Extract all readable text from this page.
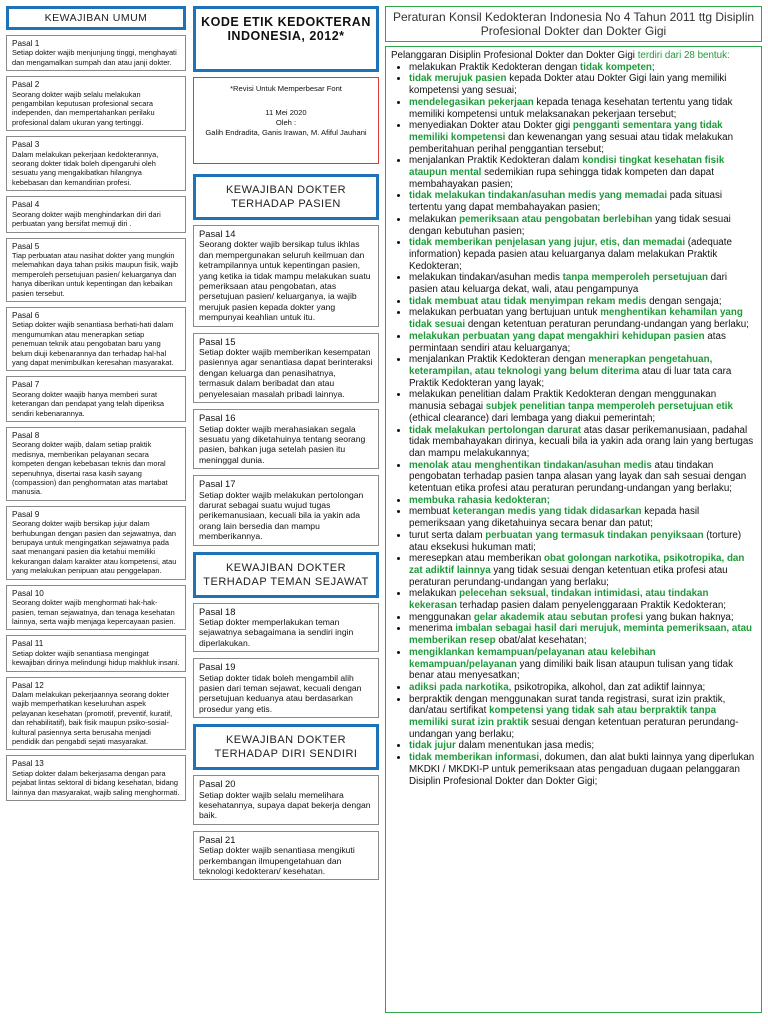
KEWAJIBAN UMUM
Pasal 1
Setiap dokter wajib menjunjung tinggi, menghayati dan mengamalkan sumpah dan atau janji dokter.
Pasal 2
Seorang dokter wajib selalu melakukan pengambilan keputusan profesional secara independen, dan mempertahankan perilaku profesional dalam ukuran yang tertinggi.
Pasal 3
Dalam melakukan pekerjaan kedokterannya, seorang dokter tidak boleh dipengaruhi oleh sesuatu yang mengakibatkan hilangnya kebebasan dan kemandirian profesi.
Pasal 4
Seorang dokter wajib menghindarkan diri dari perbuatan yang bersifat memuji diri .
Pasal 5
Tiap perbuatan atau nasihat dokter yang mungkin melemahkan daya tahan psikis maupun fisik, wajib memperoleh persetujuan pasien/ keluarganya dan hanya diberikan untuk kepentingan dan kebaikan pasien tersebut.
Pasal 6
Setiap dokter wajib senantiasa berhati-hati dalam mengumumkan atau menerapkan setiap penemuan teknik atau pengobatan baru yang belum diuji kebenarannya dan terhadap hal-hal yang dapat menimbulkan keresahan masyarakat.
Pasal 7
Seorang dokter waajib hanya memberi surat keterangan dan pendapat yang telah diperiksa sendiri kebenarannya.
Pasal 8
Seorang dokter wajib, dalam setiap praktik medisnya, memberikan pelayanan secara kompeten dengan kebebasan teknis dan moral sepenuhnya, disertai rasa kasih sayang (compassion) dan penghormatan atas martabat manusia.
Pasal 9
Seorang dokter wajib bersikap jujur dalam berhubungan dengan pasien dan sejawatnya, dan berupaya untuk mengingatkan sejawatnya pada saat menangani pasien dia ketahui memiliki kekurangan dalam karakter atau kompetensi, atau yang melakukan penipuan atau penggelapan.
Pasal 10
Seorang dokter wajib menghormati hak-hak- pasien, teman sejawatnya, dan tenaga kesehatan lainnya, serta wajib menjaga kepercayaan pasien.
Pasal 11
Setiap dokter wajib senantiasa mengingat kewajiban dirinya melindungi hidup makhluk insani.
Pasal 12
Dalam melakukan pekerjaannya seorang dokter wajib memperhatikan keseluruhan aspek pelayanan kesehatan (promotif, preventif, kuratif, dan rehabilitatif), baik fisik maupun psiko-sosial-kultural pasiennya serta berusaha menjadi pendidik dan pengabdi sejati masyarakat.
Pasal 13
Setiap dokter dalam bekerjasama dengan para pejabat lintas sektoral di bidang kesehatan, bidang lainnya dan masyarakat, wajib saling menghormati.
KODE ETIK KEDOKTERAN INDONESIA, 2012*
*Revisi Untuk Memperbesar Font
11 Mei 2020
Oleh :
Galih Endradita, Ganis Irawan, M. Afiful Jauhani
KEWAJIBAN DOKTER TERHADAP PASIEN
Pasal 14
Seorang dokter wajib bersikap tulus ikhlas dan mempergunakan seluruh keilmuan dan ketrampilannya untuk kepentingan pasien, yang ketika ia tidak mampu melakukan suatu pemeriksaan atau pengobatan, atas persetujuan pasien/ keluarganya, ia wajib merujuk pasien kepada dokter yang mempunyai keahlian untuk itu.
Pasal 15
Setiap dokter wajib memberikan kesempatan pasiennya agar senantiasa dapat berinteraksi dengan keluarga dan penasihatnya, termasuk dalam beribadat dan atau penyelesaian masalah pribadi lainnya.
Pasal 16
Setiap dokter wajib merahasiakan segala sesuatu yang diketahuinya tentang seorang pasien, bahkan juga setelah pasien itu meninggal dunia.
Pasal 17
Setiap dokter wajib melakukan pertolongan darurat sebagai suatu wujud tugas perikemanusiaan, kecuali bila ia yakin ada orang lain bersedia dan mampu memberikannya.
KEWAJIBAN DOKTER TERHADAP TEMAN SEJAWAT
Pasal 18
Setiap dokter memperlakukan teman sejawatnya sebagaimana ia sendiri ingin diperlakukan.
Pasal 19
Setiap dokter tidak boleh mengambil alih pasien dari teman sejawat, kecuali dengan persetujuan keduanya atau berdasarkan prosedur yang etis.
KEWAJIBAN DOKTER TERHADAP DIRI SENDIRI
Pasal 20
Setiap dokter wajib selalu memelihara kesehatannya, supaya dapat bekerja dengan baik.
Pasal 21
Setiap dokter wajib senantiasa mengikuti perkembangan ilmupengetahuan dan teknologi kedokteran/ kesehatan.
Peraturan Konsil Kedokteran Indonesia No 4 Tahun 2011 ttg Disiplin Profesional Dokter dan Dokter Gigi
Pelanggaran Disiplin Profesional Dokter dan Dokter Gigi terdiri dari 28 bentuk:
• melakukan Praktik Kedokteran dengan tidak kompeten;
• tidak merujuk pasien kepada Dokter atau Dokter Gigi lain yang memiliki kompetensi yang sesuai;
• mendelegasikan pekerjaan kepada tenaga kesehatan tertentu yang tidak memiliki kompetensi untuk melaksanakan pekerjaan tersebut;
• menyediakan Dokter atau Dokter gigi pengganti sementara yang tidak memiliki kompetensi dan kewenangan yang sesuai atau tidak melakukan pemberitahuan perihal penggantian tersebut;
• menjalankan Praktik Kedokteran dalam kondisi tingkat kesehatan fisik ataupun mental sedemikian rupa sehingga tidak kompeten dan dapat membahayakan pasien;
• tidak melakukan tindakan/asuhan medis yang memadai pada situasi tertentu yang dapat membahayakan pasien;
• melakukan pemeriksaan atau pengobatan berlebihan yang tidak sesuai dengan kebutuhan pasien;
• tidak memberikan penjelasan yang jujur, etis, dan memadai (adequate information) kepada pasien atau keluarganya dalam melakukan Praktik Kedokteran;
• melakukan tindakan/asuhan medis tanpa memperoleh persetujuan dari pasien atau keluarga dekat, wali, atau pengampunya
• tidak membuat atau tidak menyimpan rekam medis dengan sengaja;
• melakukan perbuatan yang bertujuan untuk menghentikan kehamilan yang tidak sesuai dengan ketentuan peraturan perundang-undangan yang berlaku;
• melakukan perbuatan yang dapat mengakhiri kehidupan pasien atas permintaan sendiri atau keluarganya;
• menjalankan Praktik Kedokteran dengan menerapkan pengetahuan, keterampilan, atau teknologi yang belum diterima atau di luar tata cara Praktik Kedokteran yang layak;
• melakukan penelitian dalam Praktik Kedokteran dengan menggunakan manusia sebagai subjek penelitian tanpa memperoleh persetujuan etik (ethical clearance) dari lembaga yang diakui pemerintah;
• tidak melakukan pertolongan darurat atas dasar perikemanusiaan, padahal tidak membahayakan dirinya, kecuali bila ia yakin ada orang lain yang bertugas dan mampu melakukannya;
• menolak atau menghentikan tindakan/asuhan medis atau tindakan pengobatan terhadap pasien tanpa alasan yang layak dan sah sesuai dengan ketentuan etika profesi atau peraturan perundang-undangan yang berlaku;
• membuka rahasia kedokteran;
• membuat keterangan medis yang tidak didasarkan kepada hasil pemeriksaan yang diketahuinya secara benar dan patut;
• turut serta dalam perbuatan yang termasuk tindakan penyiksaan (torture) atau eksekusi hukuman mati;
• meresepkan atau memberikan obat golongan narkotika, psikotropika, dan zat adiktif lainnya yang tidak sesuai dengan ketentuan etika profesi atau peraturan perundang-undangan yang berlaku;
• melakukan pelecehan seksual, tindakan intimidasi, atau tindakan kekerasan terhadap pasien dalam penyelenggaraan Praktik Kedokteran;
• menggunakan gelar akademik atau sebutan profesi yang bukan haknya;
• menerima imbalan sebagai hasil dari merujuk, meminta pemeriksaan, atau memberikan resep obat/alat kesehatan;
• mengiklankan kemampuan/pelayanan atau kelebihan kemampuan/pelayanan yang dimiliki baik lisan ataupun tulisan yang tidak benar atau menyesatkan;
• adiksi pada narkotika, psikotropika, alkohol, dan zat adiktif lainnya;
• berpraktik dengan menggunakan surat tanda registrasi, surat izin praktik, dan/atau sertifikat kompetensi yang tidak sah atau berpraktik tanpa memiliki surat izin praktik sesuai dengan ketentuan peraturan perundang-undangan yang berlaku;
• tidak jujur dalam menentukan jasa medis;
• tidak memberikan informasi, dokumen, dan alat bukti lainnya yang diperlukan MKDKI / MKDKI-P untuk pemeriksaan atas pengaduan dugaan pelanggaran Disiplin Profesional Dokter dan Dokter Gigi;
